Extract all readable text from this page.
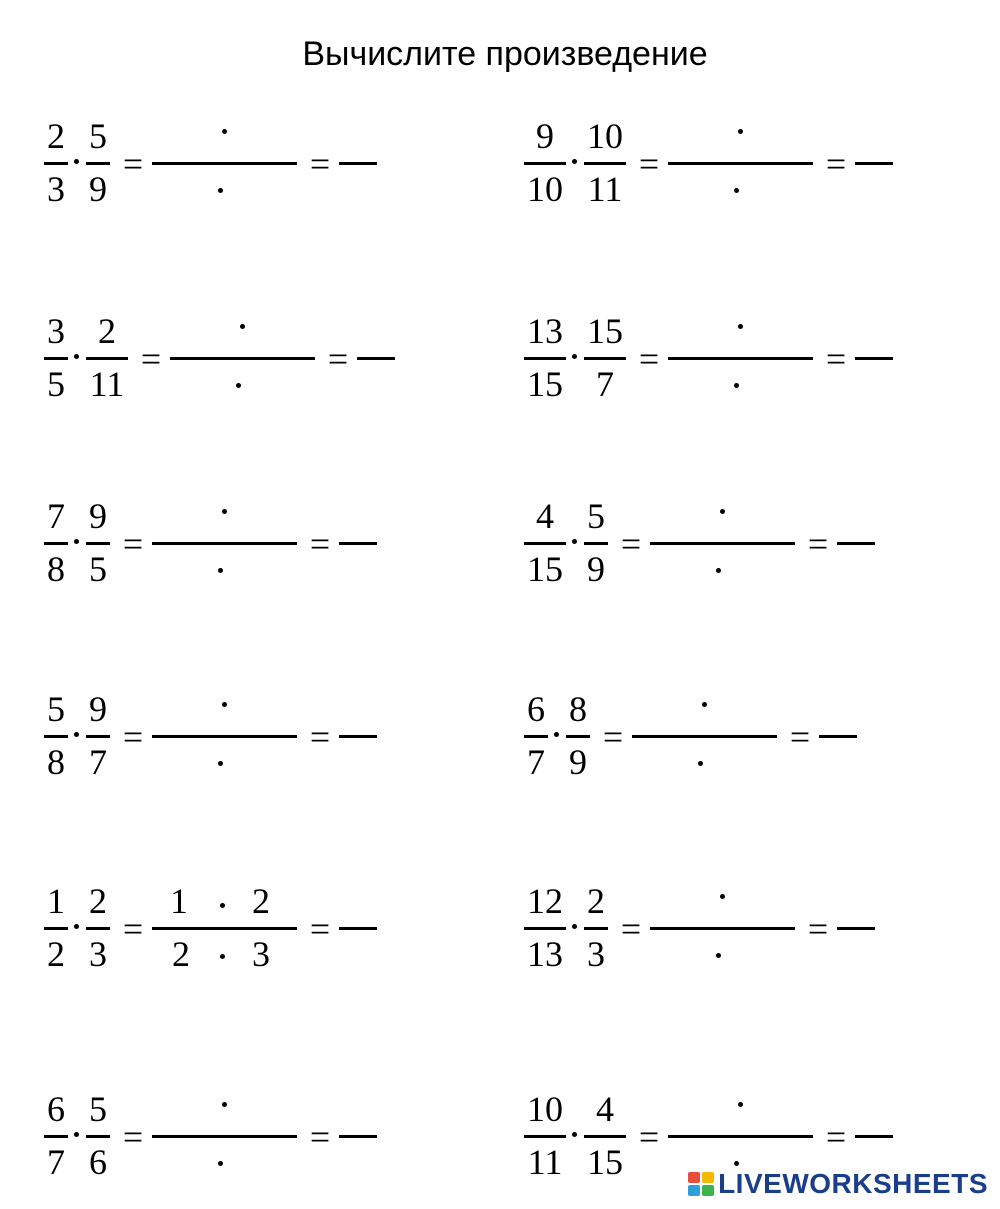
Вычислите произведение
2
3
5
9
=	=
9
10
10
11
=	=
3
5
2
11
=	=
13
15
15
7
=	=
7
8
9
5
=	=
4
15
5
9
=	=
5
8
9
7
=	=
6
7
8
9
=	=
1
2
2
3
=
1 2
2 3
=
12
13
2
3
=	=
6
7
5
6
=	=
10
11
4
15
=	=
LIVEWORKSHEETS
